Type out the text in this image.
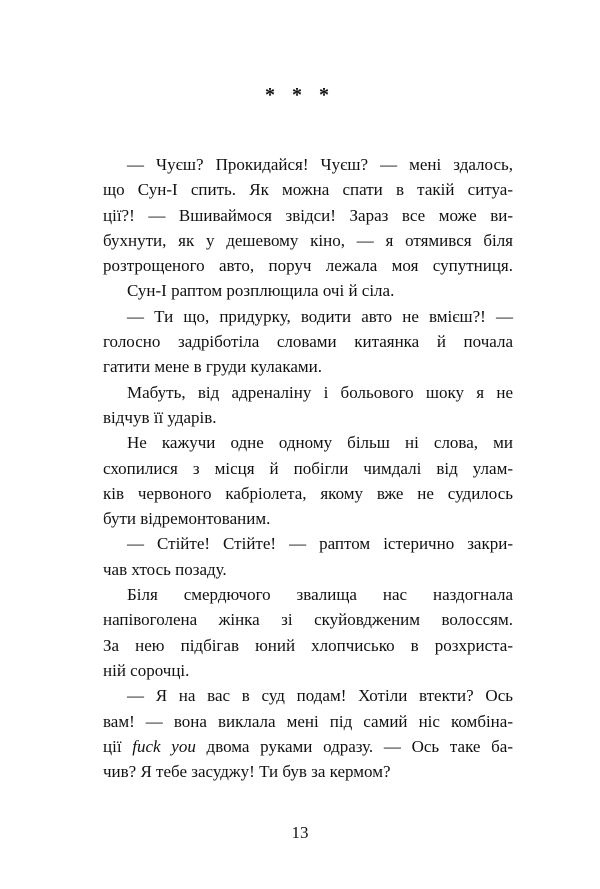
* * *
— Чуєш? Прокидайся! Чуєш? — мені здалось,
що Сун-І спить. Як можна спати в такій ситуа-
ції?! — Вшиваймося звідси! Зараз все може ви-
бухнути, як у дешевому кіно, — я отямився біля
розтрощеного авто, поруч лежала моя супутниця.
Сун-І раптом розплющила очі й сіла.
— Ти що, придурку, водити авто не вмієш?! —
голосно задріботіла словами китаянка й почала
гатити мене в груди кулаками.
Мабуть, від адреналіну і больового шоку я не
відчув її ударів.
Не кажучи одне одному більш ні слова, ми
схопилися з місця й побігли чимдалі від улам-
ків червоного кабріолета, якому вже не судилось
бути відремонтованим.
— Стійте! Стійте! — раптом істерично закри-
чав хтось позаду.
Біля смердючого звалища нас наздогнала
напівоголена жінка зі скуйовдженим волоссям.
За нею підбігав юний хлопчисько в розхриста-
ній сорочці.
— Я на вас в суд подам! Хотіли втекти? Ось
вам! — вона виклала мені під самий ніс комбіна-
ції fuck you двома руками одразу. — Ось таке ба-
чив? Я тебе засуджу! Ти був за кермом?
13
